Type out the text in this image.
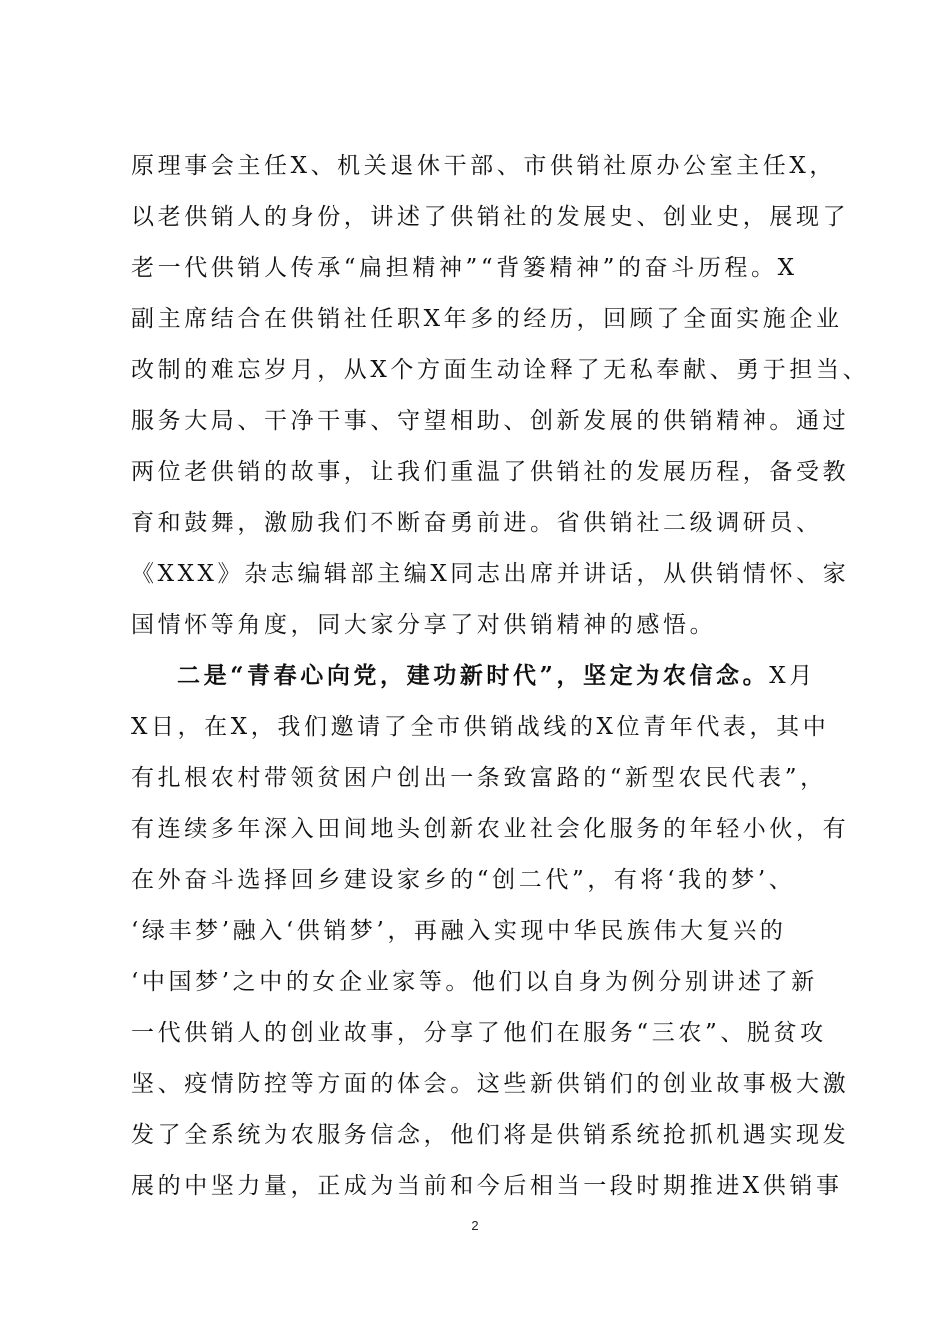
原理事会主任X、机关退休干部、市供销社原办公室主任X，
以老供销人的身份，讲述了供销社的发展史、创业史，展现了
老一代供销人传承“扁担精神”“背篓精神”的奋斗历程。X
副主席结合在供销社任职X年多的经历，回顾了全面实施企业
改制的难忘岁月，从X个方面生动诠释了无私奉献、勇于担当、
服务大局、干净干事、守望相助、创新发展的供销精神。通过
两位老供销的故事，让我们重温了供销社的发展历程，备受教
育和鼓舞，激励我们不断奋勇前进。省供销社二级调研员、
《XXX》杂志编辑部主编X同志出席并讲话，从供销情怀、家
国情怀等角度，同大家分享了对供销精神的感悟。
二是“青春心向党，建功新时代”，坚定为农信念。X月
X日，在X，我们邀请了全市供销战线的X位青年代表，其中
有扎根农村带领贫困户创出一条致富路的“新型农民代表”，
有连续多年深入田间地头创新农业社会化服务的年轻小伙，有
在外奋斗选择回乡建设家乡的“创二代”，有将‘我的梦’、
‘绿丰梦’融入‘供销梦’，再融入实现中华民族伟大复兴的
‘中国梦’之中的女企业家等。他们以自身为例分别讲述了新
一代供销人的创业故事，分享了他们在服务“三农”、脱贫攻
坚、疫情防控等方面的体会。这些新供销们的创业故事极大激
发了全系统为农服务信念，他们将是供销系统抢抓机遇实现发
展的中坚力量，正成为当前和今后相当一段时期推进X供销事
2
